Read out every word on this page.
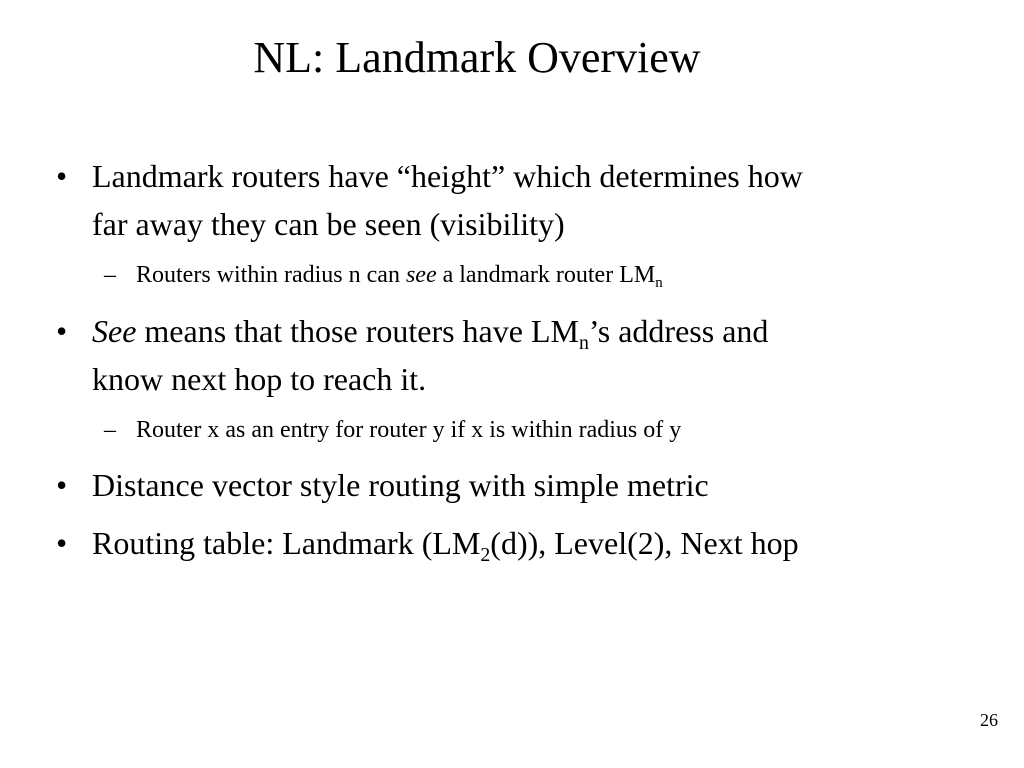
NL: Landmark Overview
• Landmark routers have “height” which determines how
far away they can be seen (visibility)
– Routers within radius n can see a landmark router $LM_n$
• See means that those routers have $LM_n’s$ address and
know next hop to reach it.
– Router x as an entry for router y if x is within radius of y
• Distance vector style routing with simple metric
• Routing table: Landmark $(LM_2(d))$, Level(2), Next hop
26
